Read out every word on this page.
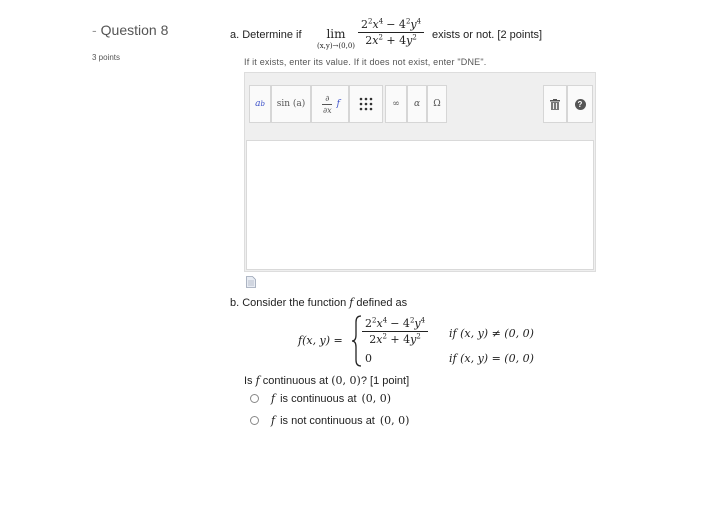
- Question 8
3 points
a. Determine if	lim
$(x,y)\to(0,0) \frac{2^2x^4 - 4^2y^4}{2x^2 + 4y^2}$ exists or not. [2 points]
If it exists, enter its value. If it does not exist, enter "DNE".
a b $\sin (a) \frac{\partial}{\partial x}$ f	∞ α Ω	?
b. Consider the function f defined as
f(x, $y) = \frac{2^2x^4 - 4^2y^4}{2x^2 + 4y^2}$ if (x, y) ≠ (0, 0)
0	if (x, y) = (0, 0)
Is f continuous at (0, 0)? [1 point]
f is continuous at (0, 0)
f is not continuous at (0, 0)
